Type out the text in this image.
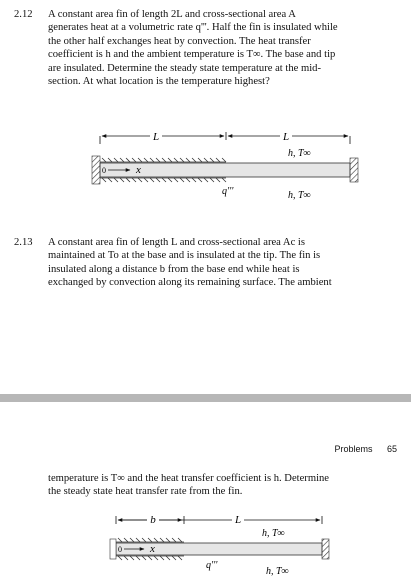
2.12 A constant area fin of length 2L and cross-sectional area A
generates heat at a volumetric rate q'''. Half the fin is insulated while
the other half exchanges heat by convection. The heat transfer
coefficient is h and the ambient temperature is T∞. The base and tip
are insulated. Determine the steady state temperature at the mid-
section. At what location is the temperature highest?
L	L
h, T∞
0	x
q'''	h, T∞
2.13 A constant area fin of length L and cross-sectional area Ac is
maintained at To at the base and is insulated at the tip. The fin is
insulated along a distance b from the base end while heat is
exchanged by convection along its remaining surface. The ambient
Problems 65
temperature is T∞ and the heat transfer coefficient is h. Determine
the steady state heat transfer rate from the fin.
b	L
h, T∞
0	x
q'''
h, T∞
